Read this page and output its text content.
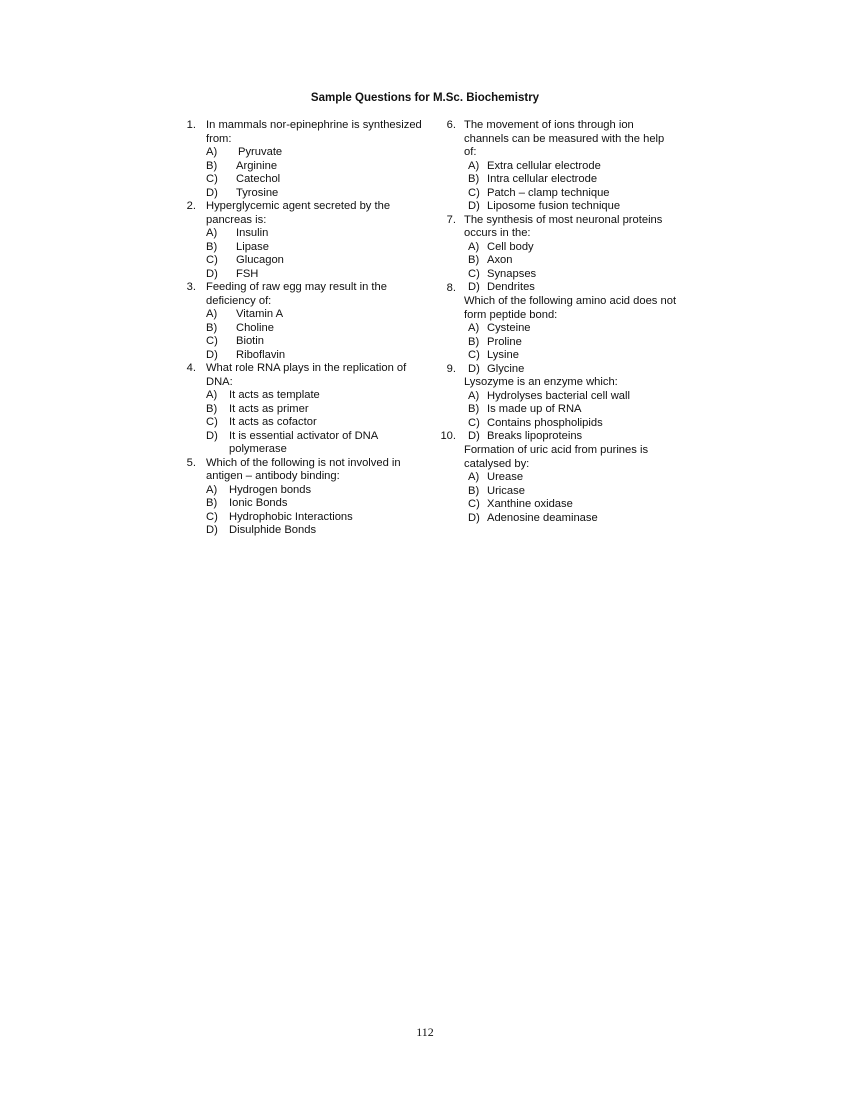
Sample Questions for M.Sc. Biochemistry
112
1. In mammals nor-epinephrine is synthesized
from:
A) Pyruvate
B) Arginine
C) Catechol
D) Tyrosine
2. Hyperglycemic agent secreted by the
pancreas is:
A) Insulin
B) Lipase
C) Glucagon
D) FSH
3. Feeding of raw egg may result in the
deficiency of:
A) Vitamin A
B) Choline
C) Biotin
D) Riboflavin
4. What role RNA plays in the replication of
DNA:
A) It acts as template
B) It acts as primer
C) It acts as cofactor
D) It is essential activator of DNA
polymerase
5. Which of the following is not involved in
antigen – antibody binding:
A) Hydrogen bonds
B) Ionic Bonds
C) Hydrophobic Interactions
D) Disulphide Bonds
6. The movement of ions through ion
channels can be measured with the help
of:
A) Extra cellular electrode
B) Intra cellular electrode
C) Patch – clamp technique
D) Liposome fusion technique
7. The synthesis of most neuronal proteins
occurs in the:
A) Cell body
B) Axon
C) Synapses
D) Dendrites
8.
Which of the following amino acid does not
form peptide bond:
A) Cysteine
B) Proline
C) Lysine
D) Glycine
9.
Lysozyme is an enzyme which:
A) Hydrolyses bacterial cell wall
B) Is made up of RNA
C) Contains phospholipids
D) Breaks lipoproteins
10.
Formation of uric acid from purines is
catalysed by:
A) Urease
B) Uricase
C) Xanthine oxidase
D) Adenosine deaminase
